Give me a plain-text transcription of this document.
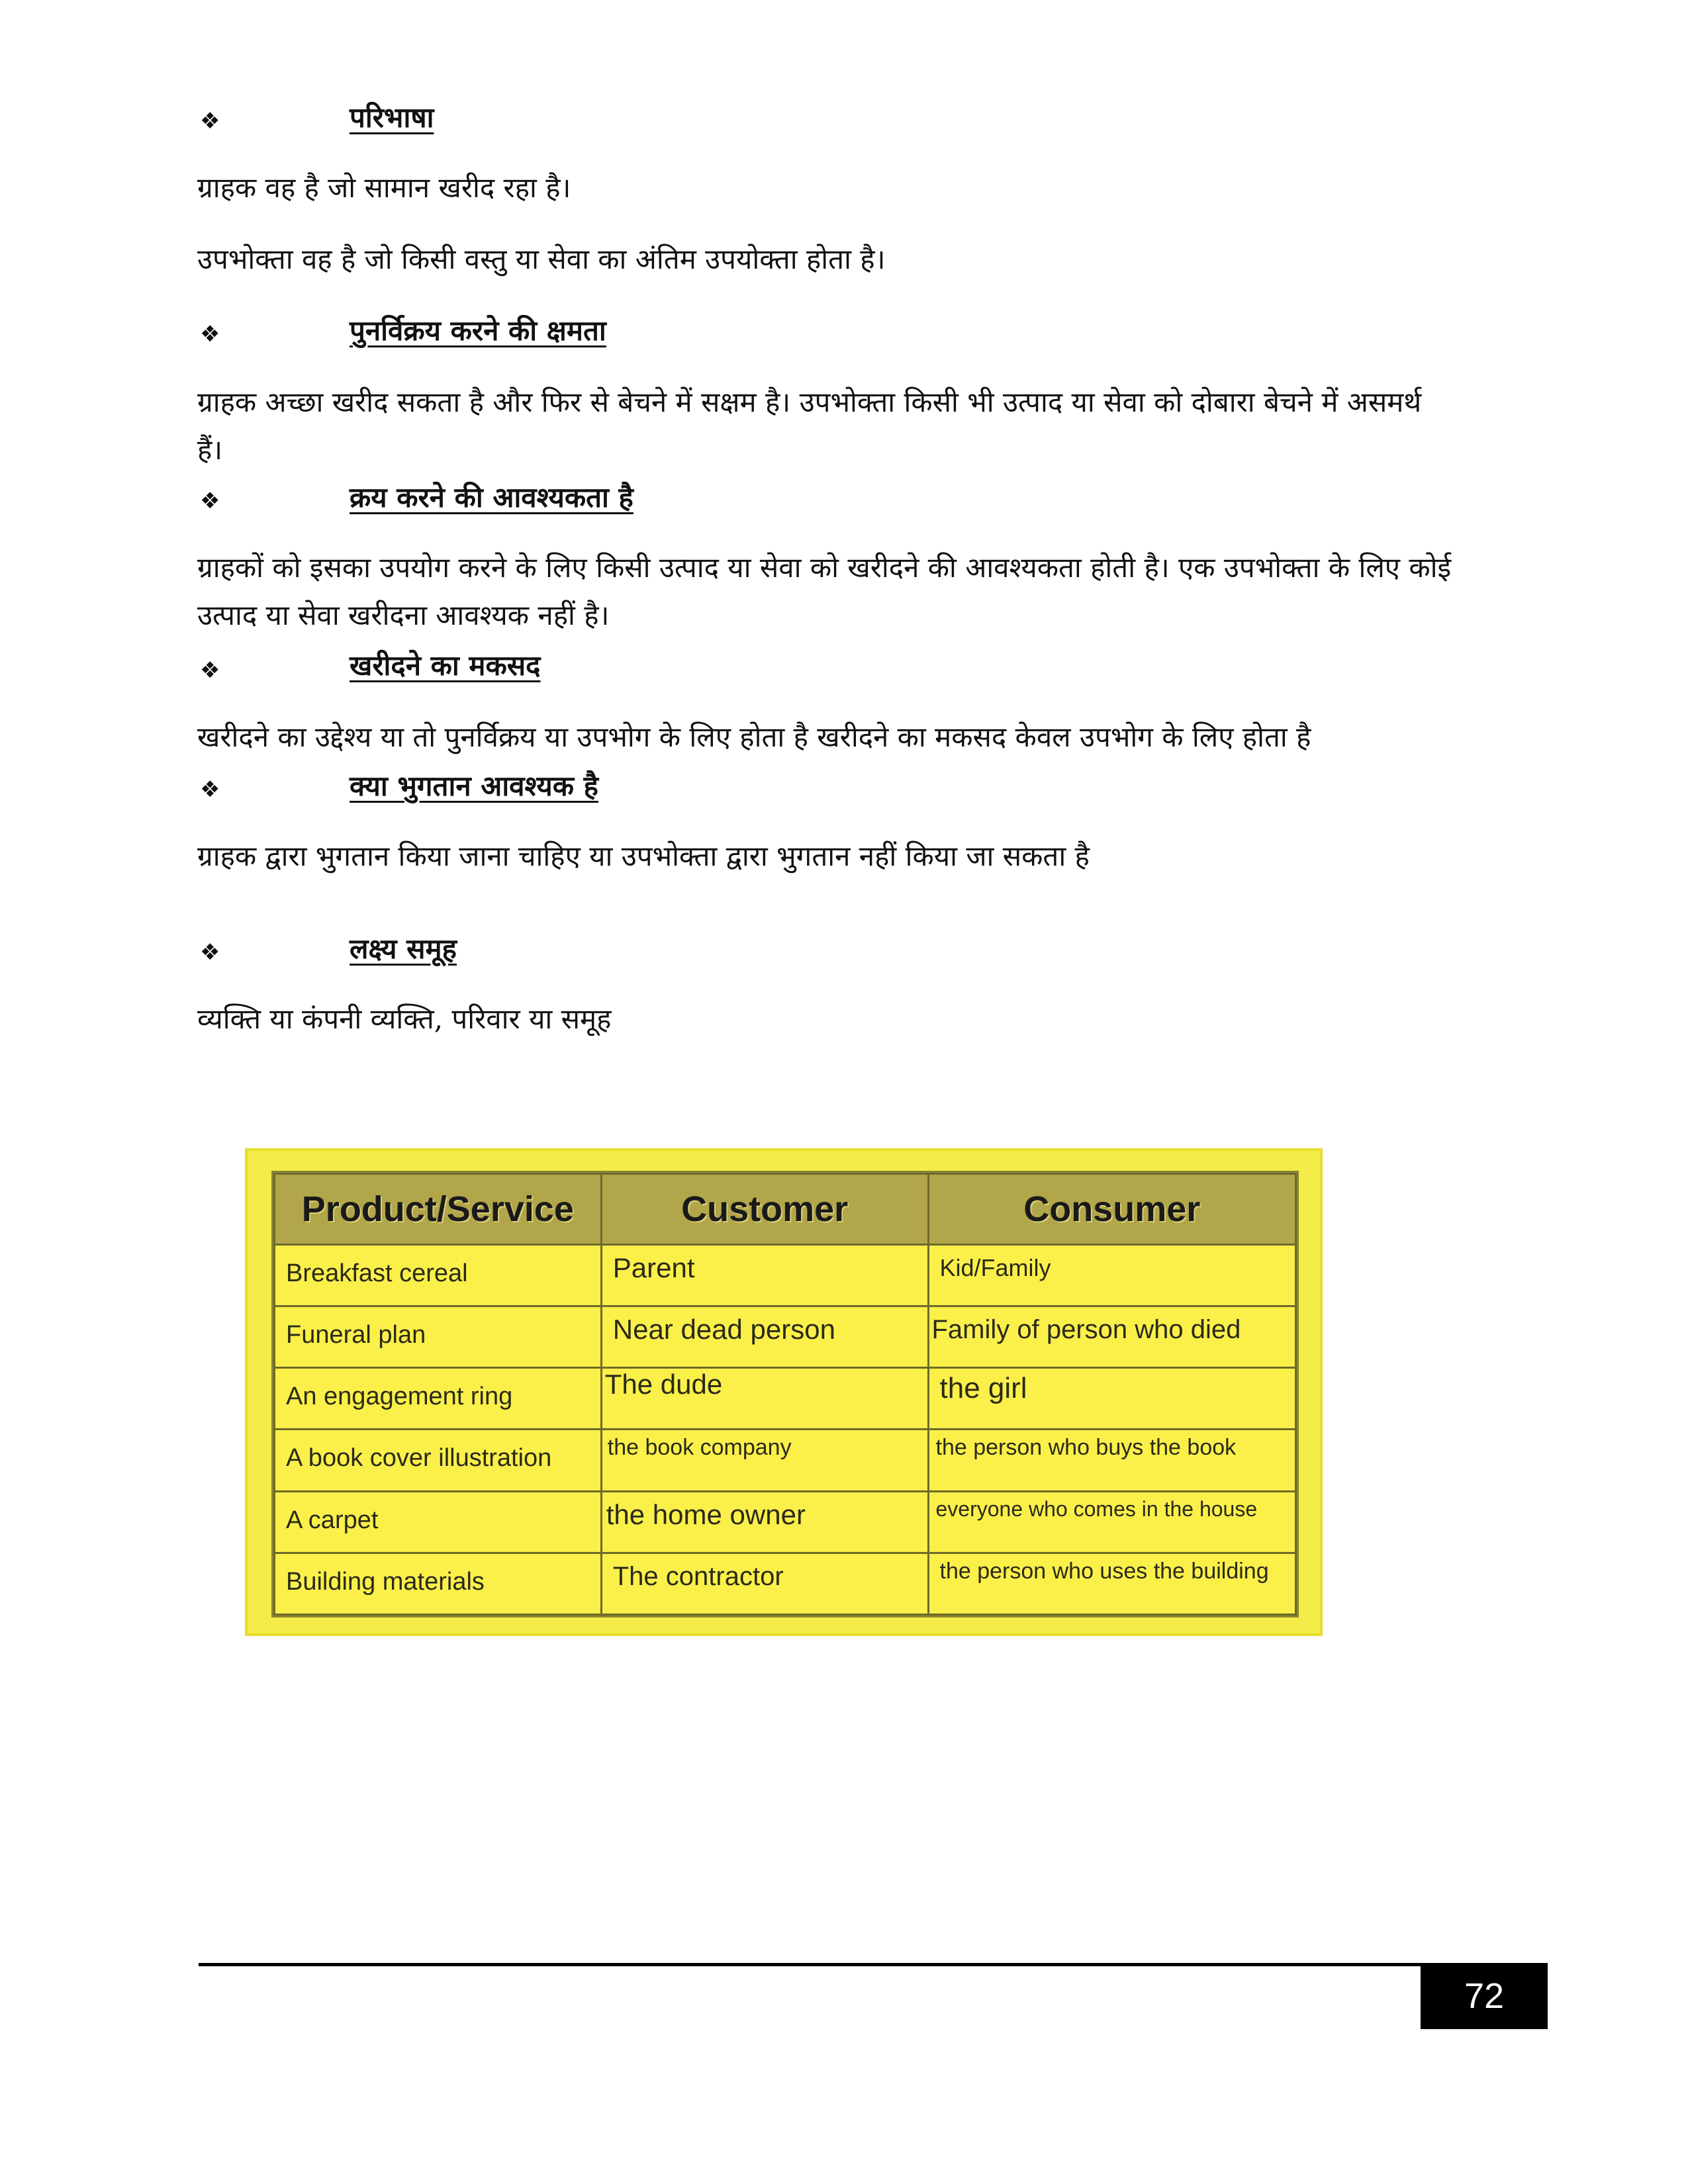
❖	परिभाषा
ग्राहक वह है जो सामान खरीद रहा है।
उपभोक्ता वह है जो किसी वस्तु या सेवा का अंतिम उपयोक्ता होता है।
❖	पुनर्विक्रय करने की क्षमता
ग्राहक अच्छा खरीद सकता है और फिर से बेचने में सक्षम है। उपभोक्ता किसी भी उत्पाद या सेवा को दोबारा बेचने में असमर्थ हैं।
❖	क्रय करने की आवश्यकता है
ग्राहकों को इसका उपयोग करने के लिए किसी उत्पाद या सेवा को खरीदने की आवश्यकता होती है। एक उपभोक्ता के लिए कोई उत्पाद या सेवा खरीदना आवश्यक नहीं है।
❖	खरीदने का मकसद
खरीदने का उद्देश्य या तो पुनर्विक्रय या उपभोग के लिए होता है खरीदने का मकसद केवल उपभोग के लिए होता है
❖	क्या भुगतान आवश्यक है
ग्राहक द्वारा भुगतान किया जाना चाहिए या उपभोक्ता द्वारा भुगतान नहीं किया जा सकता है
❖	लक्ष्य समूह
व्यक्ति या कंपनी व्यक्ति, परिवार या समूह
Product/Service	Customer	Consumer
Breakfast cereal	Parent	Kid/Family
Funeral plan	Near dead person	Family of person who died
An engagement ring	The dude	the girl
A book cover illustration	the book company	the person who buys the book
A carpet	the home owner	everyone who comes in the house
Building materials	The contractor	the person who uses the building
72
